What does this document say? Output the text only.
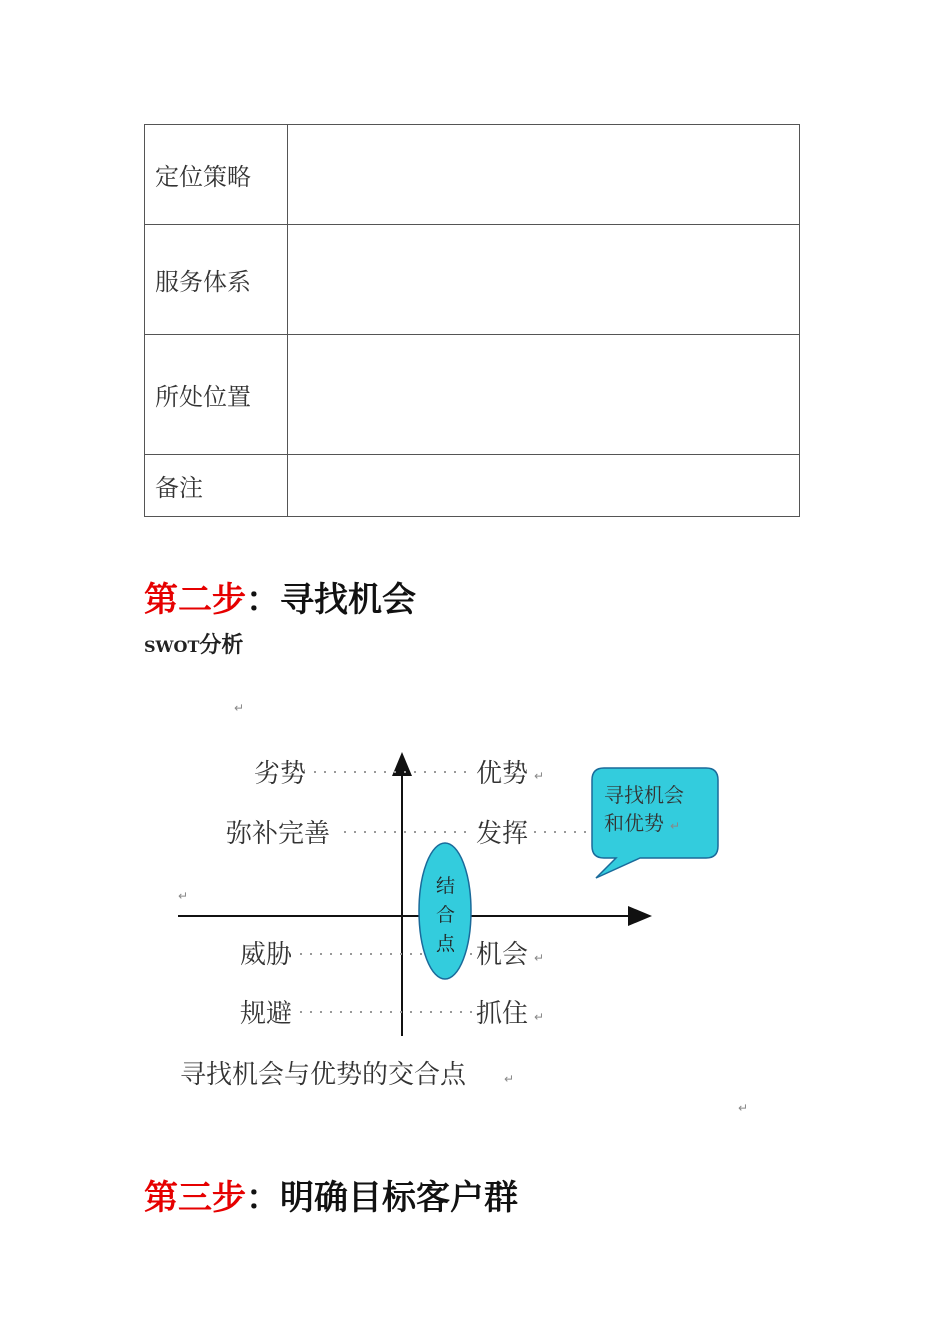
定位策略	
服务体系	
所处位置	
备注	
第二步：寻找机会
SWOT分析
↵
↵
劣势
弥补完善
威胁
规避
优势
发挥
机会
抓住
↵
↵
↵
结
合
点
寻找机会
和优势 ↵
寻找机会与优势的交合点	↵
↵
第三步：明确目标客户群
